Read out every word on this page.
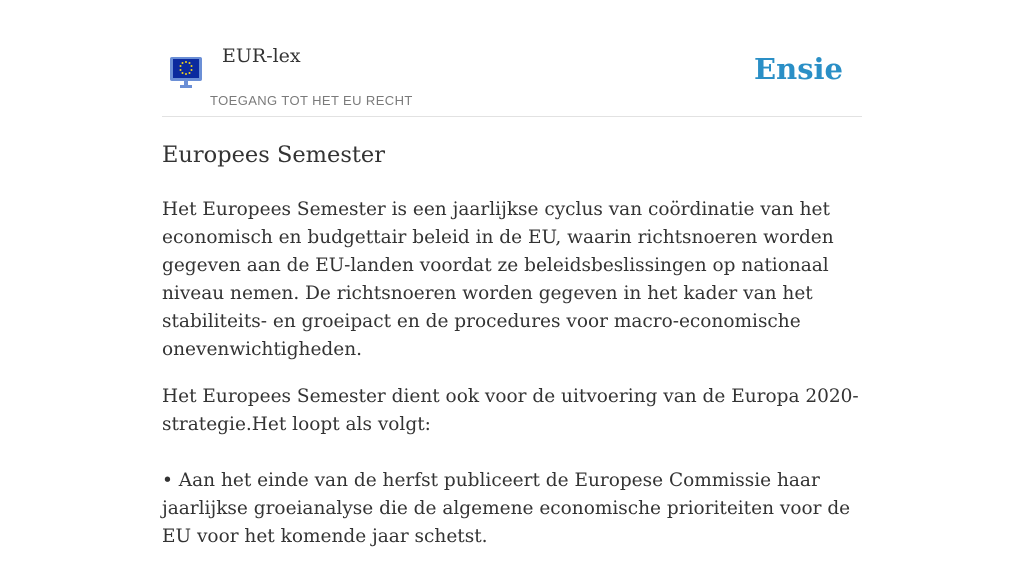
EUR-lex
TOEGANG TOT HET EU RECHT
Ensie
Europees Semester

Het Europees Semester is een jaarlijkse cyclus van coördinatie van het economisch en budgettair beleid in de EU, waarin richtsnoeren worden gegeven aan de EU-landen voordat ze beleidsbeslissingen op nationaal niveau nemen. De richtsnoeren worden gegeven in het kader van het stabiliteits- en groeipact en de procedures voor macro-economische onevenwichtigheden.

Het Europees Semester dient ook voor de uitvoering van de Europa 2020-strategie.Het loopt als volgt:

• Aan het einde van de herfst publiceert de Europese Commissie haar jaarlijkse groeianalyse die de algemene economische prioriteiten voor de EU voor het komende jaar schetst.
